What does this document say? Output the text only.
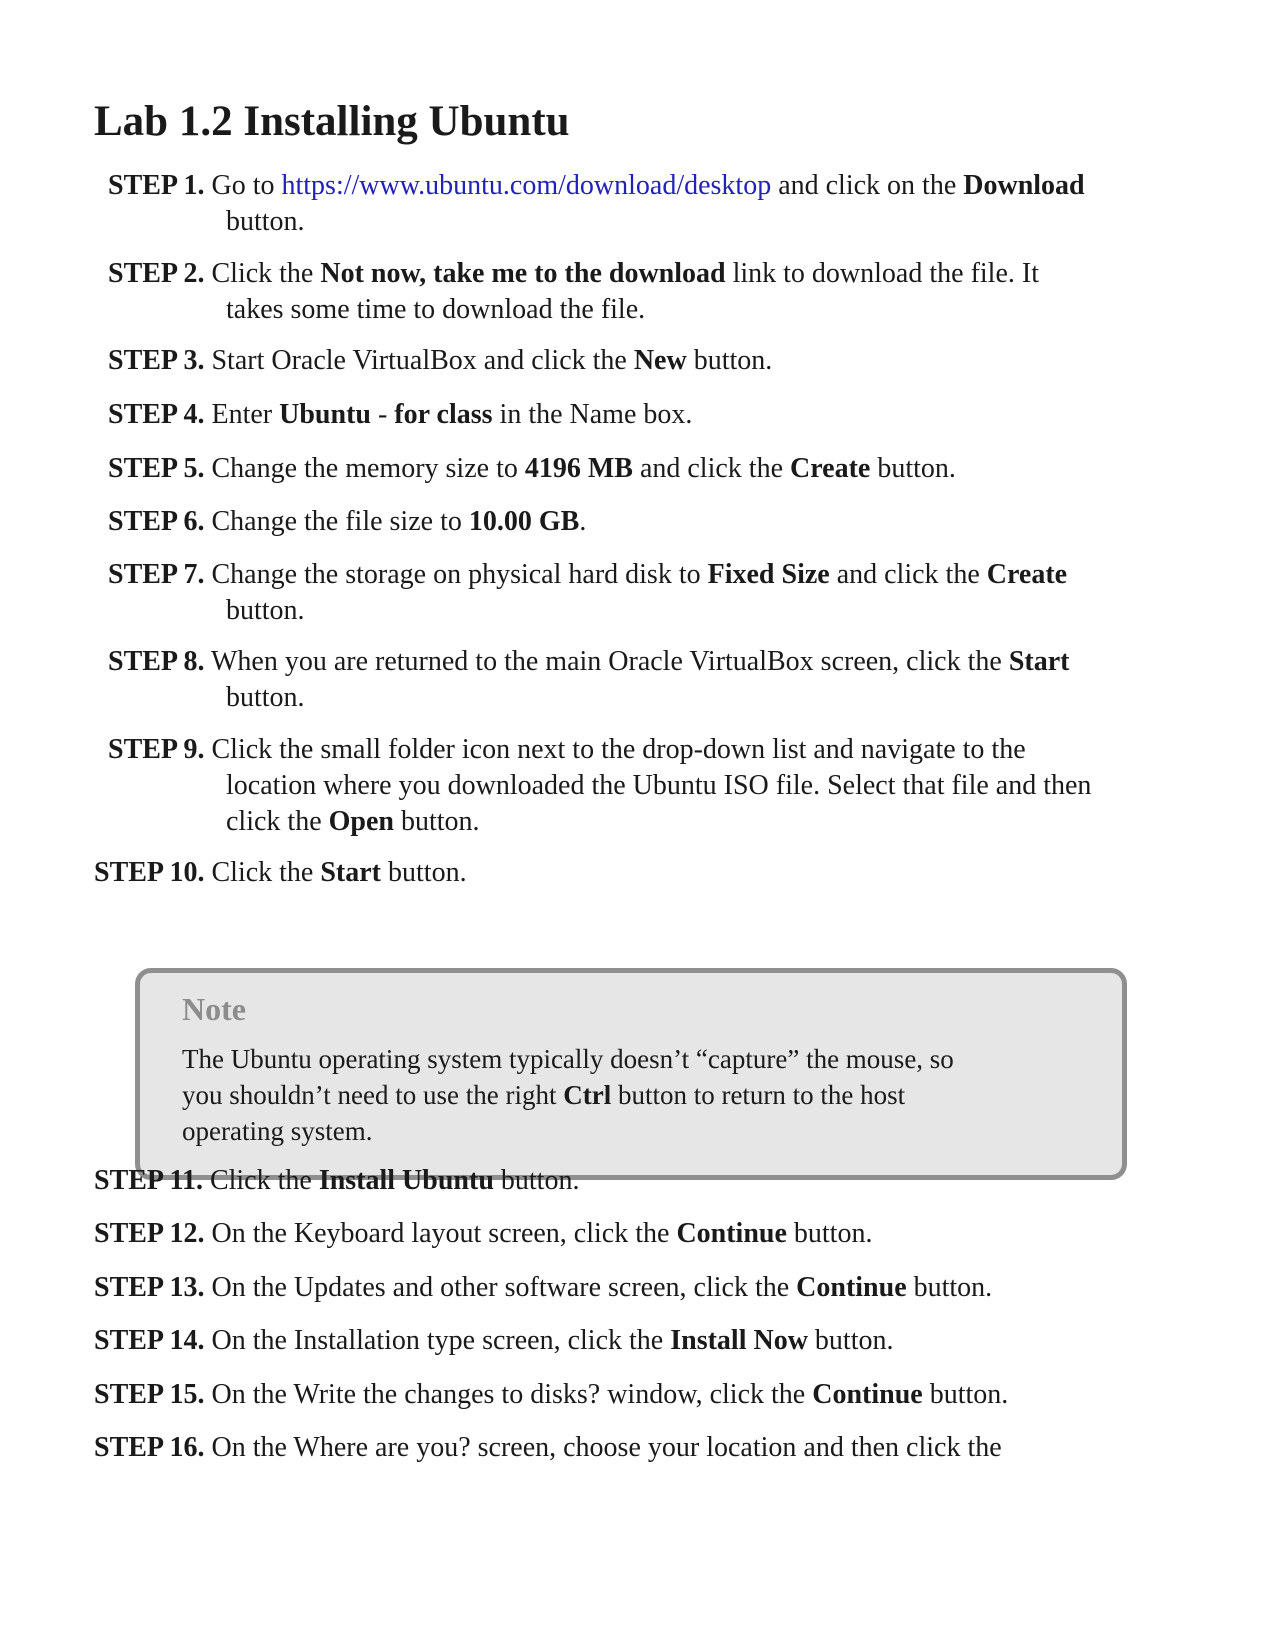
Lab 1.2 Installing Ubuntu

STEP 1. Go to https://www.ubuntu.com/download/desktop and click on the Download
button.

STEP 2. Click the Not now, take me to the download link to download the file. It
takes some time to download the file.

STEP 3. Start Oracle VirtualBox and click the New button.

STEP 4. Enter Ubuntu - for class in the Name box.

STEP 5. Change the memory size to 4196 MB and click the Create button.

STEP 6. Change the file size to 10.00 GB.

STEP 7. Change the storage on physical hard disk to Fixed Size and click the Create
button.

STEP 8. When you are returned to the main Oracle VirtualBox screen, click the Start
button.

STEP 9. Click the small folder icon next to the drop-down list and navigate to the
location where you downloaded the Ubuntu ISO file. Select that file and then
click the Open button.

STEP 10. Click the Start button.

Note

The Ubuntu operating system typically doesn’t “capture” the mouse, so
you shouldn’t need to use the right Ctrl button to return to the host
operating system.

STEP 11. Click the Install Ubuntu button.

STEP 12. On the Keyboard layout screen, click the Continue button.

STEP 13. On the Updates and other software screen, click the Continue button.

STEP 14. On the Installation type screen, click the Install Now button.

STEP 15. On the Write the changes to disks? window, click the Continue button.

STEP 16. On the Where are you? screen, choose your location and then click the
